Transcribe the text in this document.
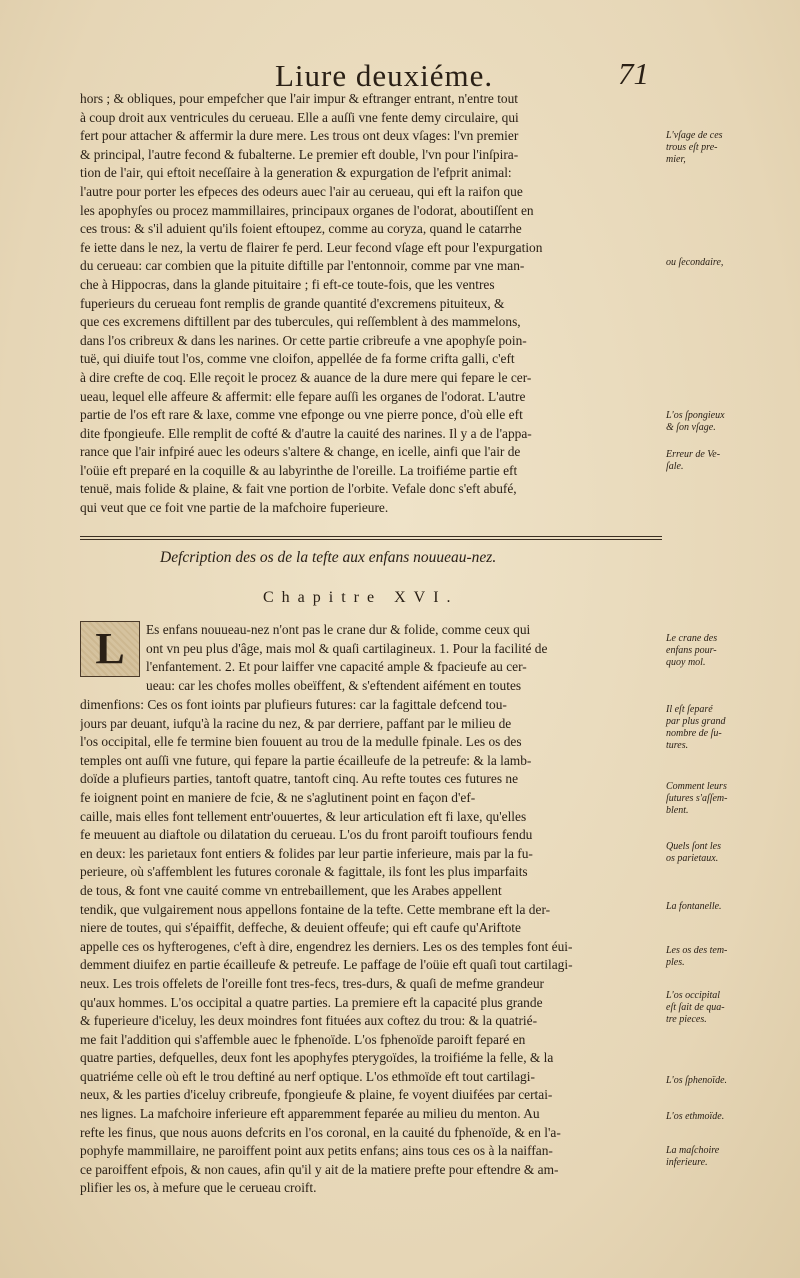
Liure deuxiéme.	71
hors ; & obliques, pour empefcher que l'air impur & eftranger entrant, n'entre tout
à coup droit aux ventricules du cerueau. Elle a auſſi vne fente demy circulaire, qui
fert pour attacher & affermir la dure mere. Les trous ont deux vſages: l'vn premier
& principal, l'autre fecond & fubalterne. Le premier eft double, l'vn pour l'inſpira-
tion de l'air, qui eftoit neceſſaire à la generation & expurgation de l'efprit animal:
l'autre pour porter les efpeces des odeurs auec l'air au cerueau, qui eft la raifon que
les apophyſes ou procez mammillaires, principaux organes de l'odorat, aboutiſſent en
ces trous: & s'il aduient qu'ils foient eftoupez, comme au coryza, quand le catarrhe
fe iette dans le nez, la vertu de flairer fe perd. Leur fecond vſage eft pour l'expurgation
du cerueau: car combien que la pituite diftille par l'entonnoir, comme par vne man-
che à Hippocras, dans la glande pituitaire ; fi eft-ce toute-fois, que les ventres
fuperieurs du cerueau font remplis de grande quantité d'excremens pituiteux, &
que ces excremens diftillent par des tubercules, qui reſſemblent à des mammelons,
dans l'os cribreux & dans les narines. Or cette partie cribreufe a vne apophyſe poin-
tuë, qui diuife tout l'os, comme vne cloifon, appellée de fa forme crifta galli, c'eft
à dire crefte de coq. Elle reçoit le procez & auance de la dure mere qui fepare le cer-
ueau, lequel elle affeure & affermit: elle fepare auſſi les organes de l'odorat. L'autre
partie de l'os eft rare & laxe, comme vne efponge ou vne pierre ponce, d'où elle eft
dite fpongieufe. Elle remplit de cofté & d'autre la cauité des narines. Il y a de l'appa-
rance que l'air infpiré auec les odeurs s'altere & change, en icelle, ainfi que l'air de
l'oüie eft preparé en la coquille & au labyrinthe de l'oreille. La troifiéme partie eft
tenuë, mais folide & plaine, & fait vne portion de l'orbite. Vefale donc s'eft abufé,
qui veut que ce foit vne partie de la mafchoire fuperieure.
Defcription des os de la tefte aux enfans nouueau-nez.
Chapitre XVI.
L	Es enfans nouueau-nez n'ont pas le crane dur & folide, comme ceux qui
ont vn peu plus d'âge, mais mol & quaſi cartilagineux. 1. Pour la facilité de
l'enfantement. 2. Et pour laiffer vne capacité ample & fpacieufe au cer-
ueau: car les chofes molles obeïffent, & s'eftendent aifément en toutes
dimenfions: Ces os font ioints par plufieurs futures: car la fagittale defcend tou-
jours par deuant, iufqu'à la racine du nez, & par derriere, paffant par le milieu de
l'os occipital, elle fe termine bien fouuent au trou de la medulle fpinale. Les os des
temples ont auſſi vne future, qui fepare la partie écailleufe de la petreufe: & la lamb-
doïde a plufieurs parties, tantoft quatre, tantoft cinq. Au refte toutes ces futures ne
fe ioignent point en maniere de fcie, & ne s'aglutinent point en façon d'ef-
caille, mais elles font tellement entr'ouuertes, & leur articulation eft fi laxe, qu'elles
fe meuuent au diaftole ou dilatation du cerueau. L'os du front paroift toufiours fendu
en deux: les parietaux font entiers & folides par leur partie inferieure, mais par la fu-
perieure, où s'affemblent les futures coronale & fagittale, ils font les plus imparfaits
de tous, & font vne cauité comme vn entrebaillement, que les Arabes appellent
tendik, que vulgairement nous appellons fontaine de la tefte. Cette membrane eft la der-
niere de toutes, qui s'épaiffit, deffeche, & deuient offeufe; qui eft caufe qu'Ariftote
appelle ces os hyfterogenes, c'eft à dire, engendrez les derniers. Les os des temples font éui-
demment diuifez en partie écailleufe & petreufe. Le paffage de l'oüie eft quaſi tout cartilagi-
neux. Les trois offelets de l'oreille font tres-fecs, tres-durs, & quaſi de mefme grandeur
qu'aux hommes. L'os occipital a quatre parties. La premiere eft la capacité plus grande
& fuperieure d'iceluy, les deux moindres font fituées aux coftez du trou: & la quatrié-
me fait l'addition qui s'affemble auec le fphenoïde. L'os fphenoïde paroift feparé en
quatre parties, defquelles, deux font les apophyfes pterygoïdes, la troifiéme la felle, & la
quatriéme celle où eft le trou deftiné au nerf optique. L'os ethmoïde eft tout cartilagi-
neux, & les parties d'iceluy cribreufe, fpongieufe & plaine, fe voyent diuifées par certai-
nes lignes. La mafchoire inferieure eft apparemment feparée au milieu du menton. Au
refte les finus, que nous auons defcrits en l'os coronal, en la cauité du fphenoïde, & en l'a-
pophyfe mammillaire, ne paroiffent point aux petits enfans; ains tous ces os à la naiffan-
ce paroiffent efpois, & non caues, afin qu'il y ait de la matiere prefte pour eftendre & am-
plifier les os, à mefure que le cerueau croift.
L'vſage de ces
trous eſt pre-
mier,
ou ſecondaire,
L'os ſpongieux
& ſon vſage.
Erreur de Ve-
ſale.
Le crane des
enfans pour-
quoy mol.
Il eſt ſeparé
par plus grand
nombre de ſu-
tures.
Comment leurs
ſutures s'aſſem-
blent.
Quels ſont les
os parietaux.
La fontanelle.
Les os des tem-
ples.
L'os occipital
eſt ſait de qua-
tre pieces.
L'os ſphenoïde.
L'os ethmoïde.
La maſchoire
inferieure.
